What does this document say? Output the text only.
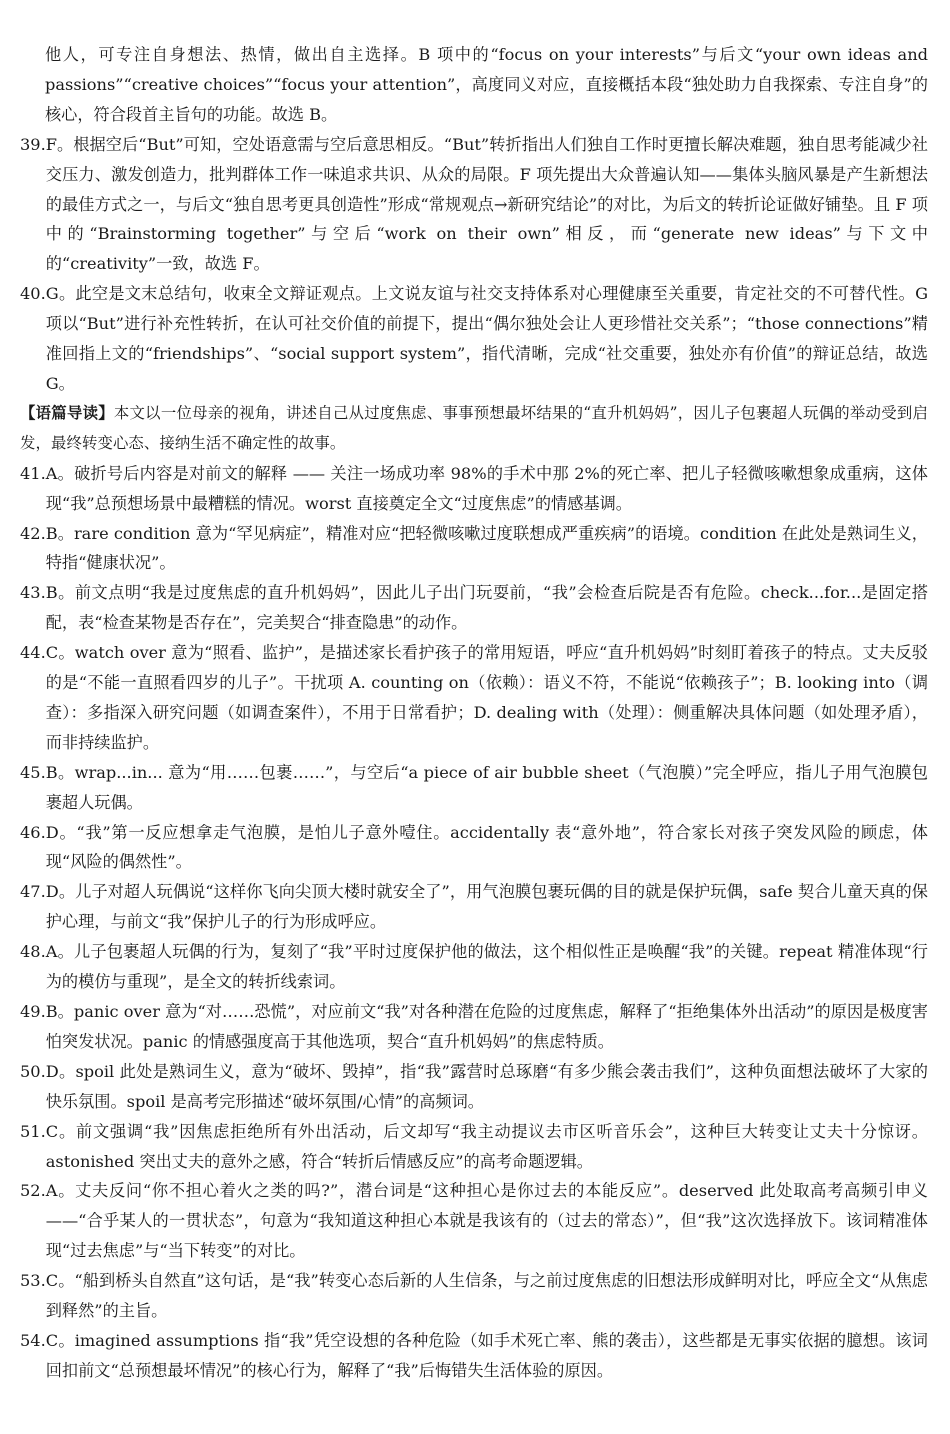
他人，可专注自身想法、热情，做出自主选择。B 项中的“focus on your interests”与后文“your own ideas and passions”“creative choices”“focus your attention”，高度同义对应，直接概括本段“独处助力自我探索、专注自身”的核心，符合段首主旨句的功能。故选 B。

39. F。根据空后“But”可知，空处语意需与空后意思相反。“But”转折指出人们独自工作时更擅长解决难题，独自思考能减少社交压力、激发创造力，批判群体工作一味追求共识、从众的局限。F 项先提出大众普遍认知——集体头脑风暴是产生新想法的最佳方式之一，与后文“独自思考更具创造性”形成“常规观点→新研究结论”的对比，为后文的转折论证做好铺垫。且 F 项中的“Brainstorming together”与空后“work on their own”相反，而“generate new ideas”与下文中的“creativity”一致，故选 F。
40. G。此空是文末总结句，收束全文辩证观点。上文说友谊与社交支持体系对心理健康至关重要，肯定社交的不可替代性。G 项以“But”进行补充性转折，在认可社交价值的前提下，提出“偶尔独处会让人更珍惜社交关系”；“those connections”精准回指上文的“friendships”、“social support system”，指代清晰，完成“社交重要，独处亦有价值”的辩证总结，故选 G。

【语篇导读】本文以一位母亲的视角，讲述自己从过度焦虑、事事预想最坏结果的“直升机妈妈”，因儿子包裹超人玩偶的举动受到启发，最终转变心态、接纳生活不确定性的故事。

41. A。破折号后内容是对前文的解释 —— 关注一场成功率 98%的手术中那 2%的死亡率、把儿子轻微咳嗽想象成重病，这体现“我”总预想场景中最糟糕的情况。worst 直接奠定全文“过度焦虑”的情感基调。
42. B。rare condition 意为“罕见病症”，精准对应“把轻微咳嗽过度联想成严重疾病”的语境。condition 在此处是熟词生义，特指“健康状况”。
43. B。前文点明“我是过度焦虑的直升机妈妈”，因此儿子出门玩耍前，“我”会检查后院是否有危险。check...for...是固定搭配，表“检查某物是否存在”，完美契合“排查隐患”的动作。
44. C。watch over 意为“照看、监护”，是描述家长看护孩子的常用短语，呼应“直升机妈妈”时刻盯着孩子的特点。丈夫反驳的是“不能一直照看四岁的儿子”。干扰项 A. counting on（依赖）：语义不符，不能说“依赖孩子”；B. looking into（调查）：多指深入研究问题（如调查案件），不用于日常看护；D. dealing with（处理）：侧重解决具体问题（如处理矛盾），而非持续监护。
45. B。wrap...in... 意为“用……包裹……”，与空后“a piece of air bubble sheet（气泡膜）”完全呼应，指儿子用气泡膜包裹超人玩偶。
46. D。“我”第一反应想拿走气泡膜，是怕儿子意外噎住。accidentally 表“意外地”，符合家长对孩子突发风险的顾虑，体现“风险的偶然性”。
47. D。儿子对超人玩偶说“这样你飞向尖顶大楼时就安全了”，用气泡膜包裹玩偶的目的就是保护玩偶，safe 契合儿童天真的保护心理，与前文“我”保护儿子的行为形成呼应。
48. A。儿子包裹超人玩偶的行为，复刻了“我”平时过度保护他的做法，这个相似性正是唤醒“我”的关键。repeat 精准体现“行为的模仿与重现”，是全文的转折线索词。
49. B。panic over 意为“对……恐慌”，对应前文“我”对各种潜在危险的过度焦虑，解释了“拒绝集体外出活动”的原因是极度害怕突发状况。panic 的情感强度高于其他选项，契合“直升机妈妈”的焦虑特质。
50. D。spoil 此处是熟词生义，意为“破坏、毁掉”，指“我”露营时总琢磨“有多少熊会袭击我们”，这种负面想法破坏了大家的快乐氛围。spoil 是高考完形描述“破坏氛围/心情”的高频词。
51. C。前文强调“我”因焦虑拒绝所有外出活动，后文却写“我主动提议去市区听音乐会”，这种巨大转变让丈夫十分惊讶。astonished 突出丈夫的意外之感，符合“转折后情感反应”的高考命题逻辑。
52. A。丈夫反问“你不担心着火之类的吗?”，潜台词是“这种担心是你过去的本能反应”。deserved 此处取高考高频引申义——“合乎某人的一贯状态”，句意为“我知道这种担心本就是我该有的（过去的常态）”，但“我”这次选择放下。该词精准体现“过去焦虑”与“当下转变”的对比。
53. C。“船到桥头自然直”这句话，是“我”转变心态后新的人生信条，与之前过度焦虑的旧想法形成鲜明对比，呼应全文“从焦虑到释然”的主旨。
54. C。imagined assumptions 指“我”凭空设想的各种危险（如手术死亡率、熊的袭击），这些都是无事实依据的臆想。该词回扣前文“总预想最坏情况”的核心行为，解释了“我”后悔错失生活体验的原因。
